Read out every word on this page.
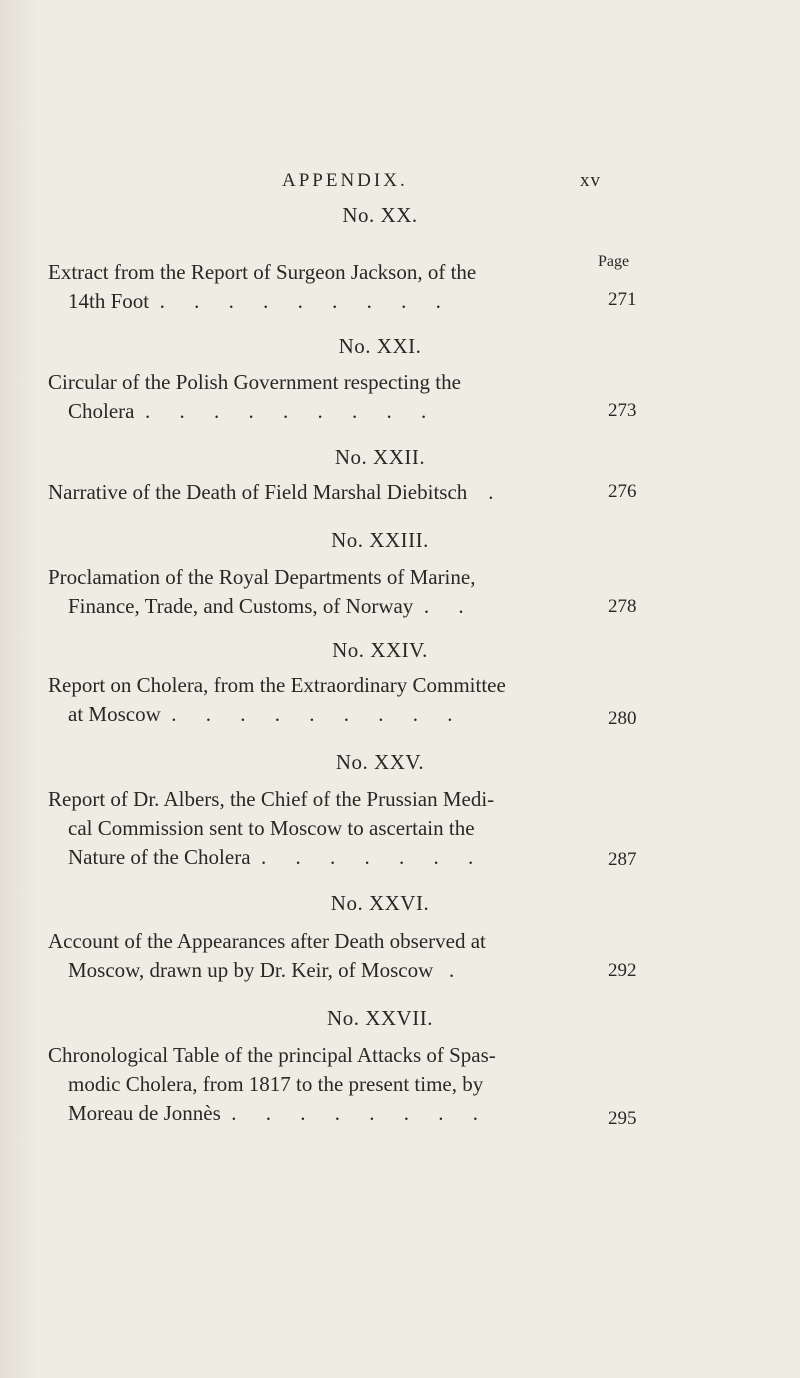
APPENDIX.	xv
No. XX.
Page
Extract from the Report of Surgeon Jackson, of the
14th Foot . . . . . . . . .	271
No. XXI.
Circular of the Polish Government respecting the
Cholera . . . . . . . . .	273
No. XXII.
Narrative of the Death of Field Marshal Diebitsch .	276
No. XXIII.
Proclamation of the Royal Departments of Marine,
Finance, Trade, and Customs, of Norway . .	278
No. XXIV.
Report on Cholera, from the Extraordinary Committee
at Moscow . . . . . . . . .	280
No. XXV.
Report of Dr. Albers, the Chief of the Prussian Medi-
cal Commission sent to Moscow to ascertain the
Nature of the Cholera . . . . . . .	287
No. XXVI.
Account of the Appearances after Death observed at
Moscow, drawn up by Dr. Keir, of Moscow .	292
No. XXVII.
Chronological Table of the principal Attacks of Spas-
modic Cholera, from 1817 to the present time, by
Moreau de Jonnès . . . . . . . .	295
